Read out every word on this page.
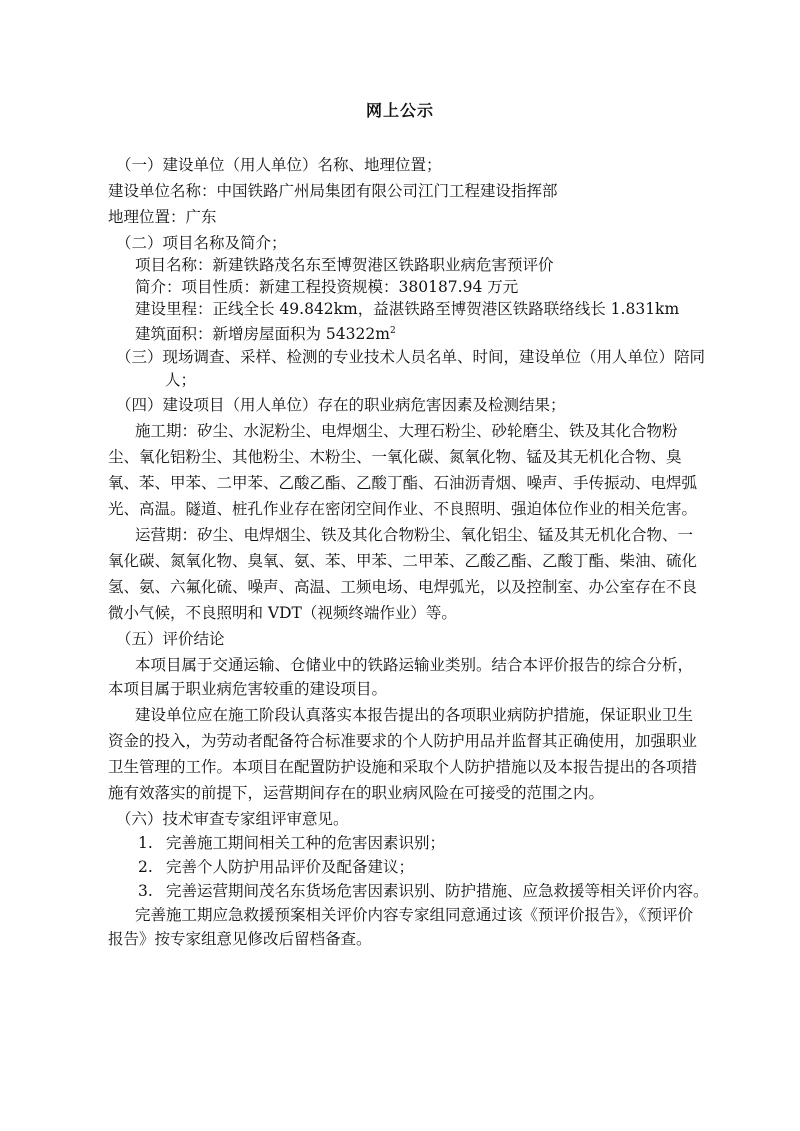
网上公示
（一）建设单位（用人单位）名称、地理位置；
建设单位名称：中国铁路广州局集团有限公司江门工程建设指挥部
地理位置：广东
（二）项目名称及简介；
项目名称：新建铁路茂名东至博贺港区铁路职业病危害预评价
简介：项目性质：新建工程投资规模：380187.94 万元
建设里程：正线全长 49.842km，益湛铁路至博贺港区铁路联络线长 1.831km
建筑面积：新增房屋面积为 $54322m^2$
（三）现场调查、采样、检测的专业技术人员名单、时间，建设单位（用人单位）陪同
人；
（四）建设项目（用人单位）存在的职业病危害因素及检测结果；
施工期：矽尘、水泥粉尘、电焊烟尘、大理石粉尘、砂轮磨尘、铁及其化合物粉
尘、氧化铝粉尘、其他粉尘、木粉尘、一氧化碳、氮氧化物、锰及其无机化合物、臭
氧、苯、甲苯、二甲苯、乙酸乙酯、乙酸丁酯、石油沥青烟、噪声、手传振动、电焊弧
光、高温。隧道、桩孔作业存在密闭空间作业、不良照明、强迫体位作业的相关危害。
运营期：矽尘、电焊烟尘、铁及其化合物粉尘、氧化铝尘、锰及其无机化合物、一
氧化碳、氮氧化物、臭氧、氨、苯、甲苯、二甲苯、乙酸乙酯、乙酸丁酯、柴油、硫化
氢、氨、六氟化硫、噪声、高温、工频电场、电焊弧光，以及控制室、办公室存在不良
微小气候，不良照明和 VDT（视频终端作业）等。
（五）评价结论
本项目属于交通运输、仓储业中的铁路运输业类别。结合本评价报告的综合分析，
本项目属于职业病危害较重的建设项目。
建设单位应在施工阶段认真落实本报告提出的各项职业病防护措施，保证职业卫生
资金的投入，为劳动者配备符合标准要求的个人防护用品并监督其正确使用，加强职业
卫生管理的工作。本项目在配置防护设施和采取个人防护措施以及本报告提出的各项措
施有效落实的前提下，运营期间存在的职业病风险在可接受的范围之内。
（六）技术审查专家组评审意见。
1. 完善施工期间相关工种的危害因素识别；
2. 完善个人防护用品评价及配备建议；
3. 完善运营期间茂名东货场危害因素识别、防护措施、应急救援等相关评价内容。
完善施工期应急救援预案相关评价内容专家组同意通过该《预评价报告》，《预评价
报告》按专家组意见修改后留档备查。
